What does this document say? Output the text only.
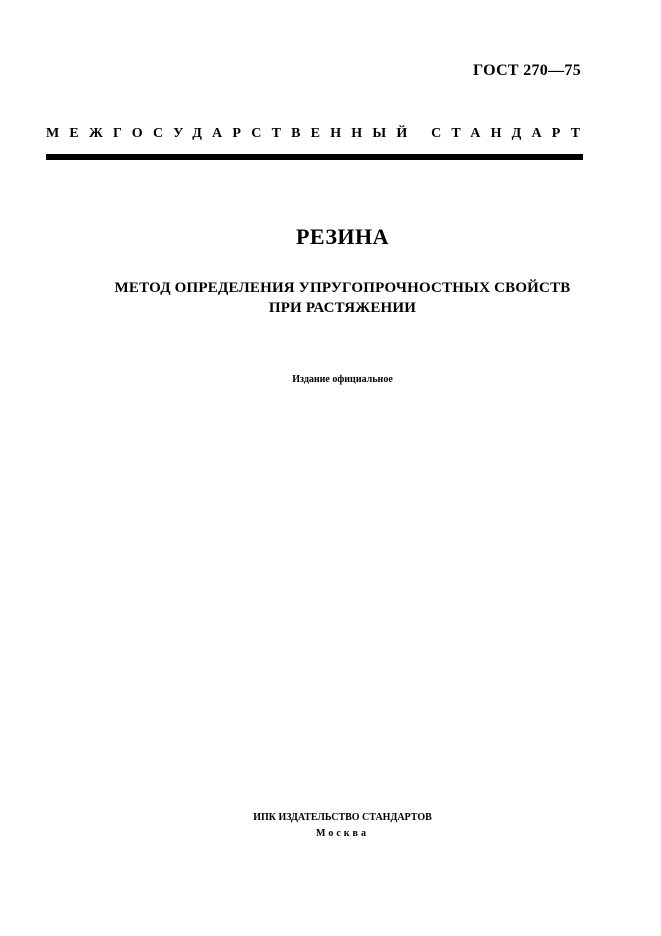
ГОСТ 270—75
МЕЖГОСУДАРСТВЕННЫЙ СТАНДАРТ
РЕЗИНА
МЕТОД ОПРЕДЕЛЕНИЯ УПРУГОПРОЧНОСТНЫХ СВОЙСТВ
ПРИ РАСТЯЖЕНИИ
Издание официальное
ИПК ИЗДАТЕЛЬСТВО СТАНДАРТОВ
Москва
